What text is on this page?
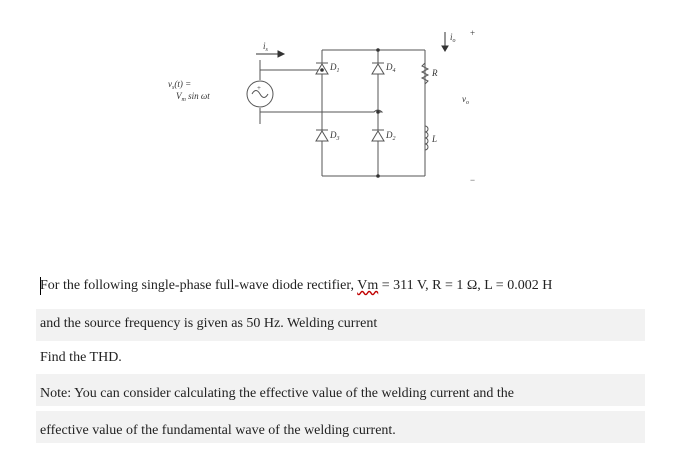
$v_s(t)$ =
$V_m$ sin ωt
$i_s$
$i_o$
$D_1$	$D_4$
$D_3$	$D_2$
R
L
$v_o$
+
−
+
For the following single-phase full-wave diode rectifier, Vm = 311 V, R = 1 Ω, L = 0.002 H
and the source frequency is given as 50 Hz. Welding current
Find the THD.
Note: You can consider calculating the effective value of the welding current and the
effective value of the fundamental wave of the welding current.
